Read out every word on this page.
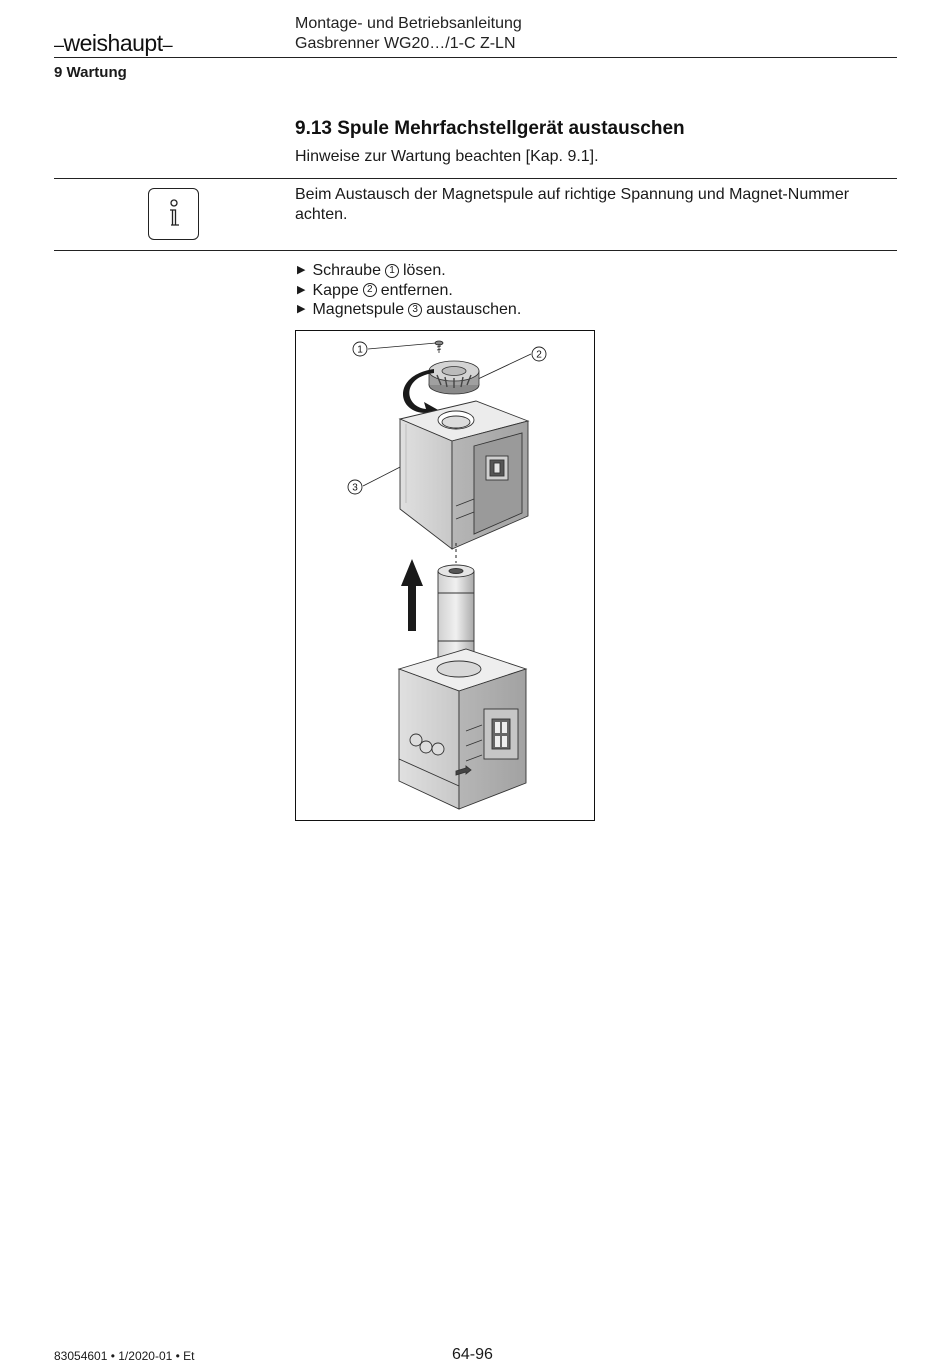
–weishaupt–
Montage- und Betriebsanleitung
Gasbrenner WG20…/1-C Z-LN
9 Wartung
9.13 Spule Mehrfachstellgerät austauschen
Hinweise zur Wartung beachten [Kap. 9.1].
Beim Austausch der Magnetspule auf richtige Spannung und Magnet-Nummer achten.
▶ Schraube 1 lösen.
▶ Kappe 2 entfernen.
▶ Magnetspule 3 austauschen.
1	2
3
83054601 • 1/2020-01 • Et	64-96
